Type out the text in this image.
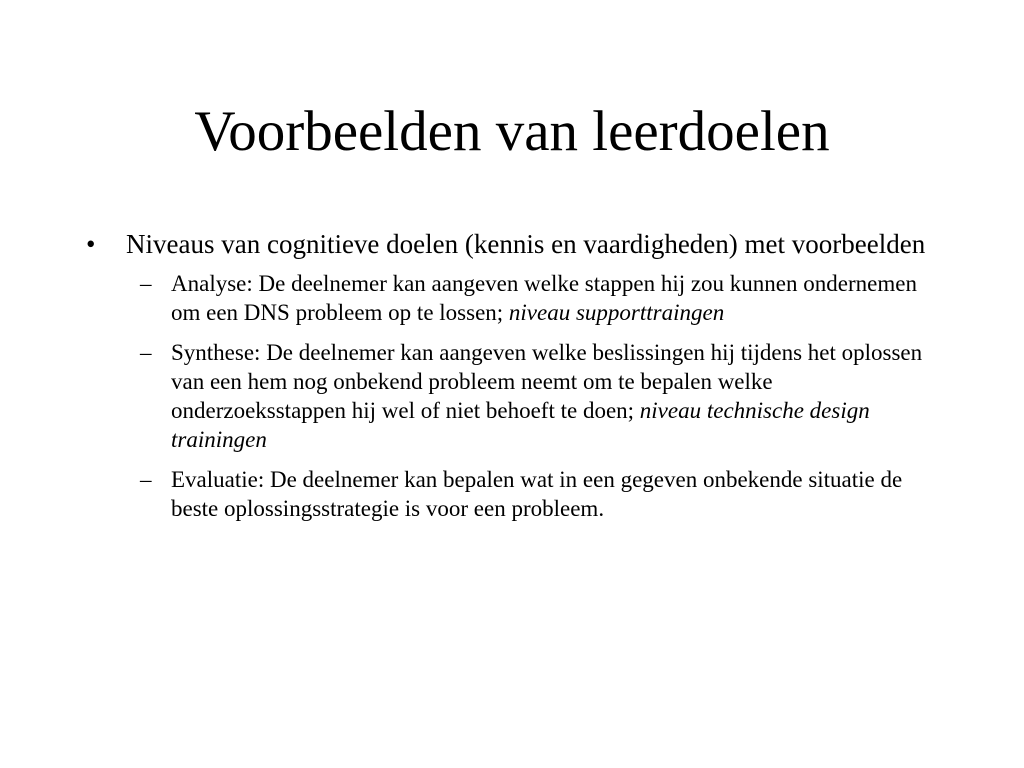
Voorbeelden van leerdoelen
•	Niveaus van cognitieve doelen (kennis en vaardigheden) met voorbeelden
– Analyse: De deelnemer kan aangeven welke stappen hij zou kunnen ondernemen om een DNS probleem op te lossen; niveau supporttraingen
– Synthese: De deelnemer kan aangeven welke beslissingen hij tijdens het oplossen van een hem nog onbekend probleem neemt om te bepalen welke onderzoeksstappen hij wel of niet behoeft te doen; niveau technische design trainingen
– Evaluatie: De deelnemer kan bepalen wat in een gegeven onbekende situatie de beste oplossingsstrategie is voor een probleem.
